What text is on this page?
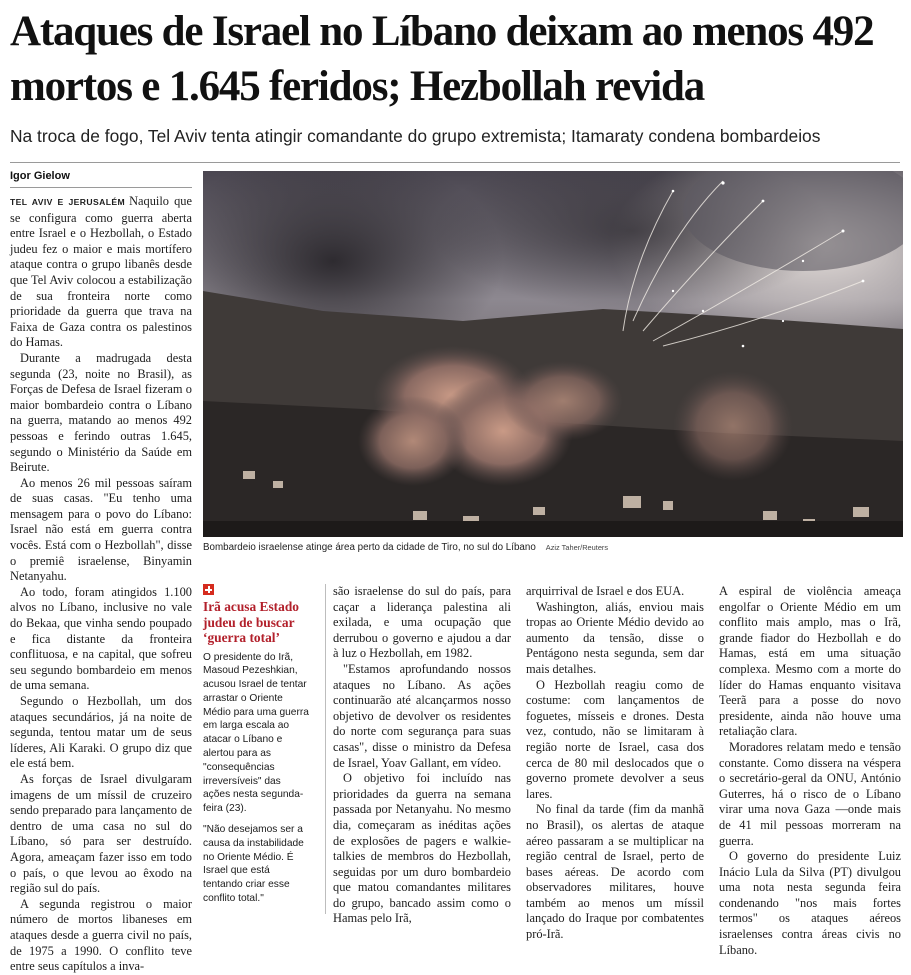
Ataques de Israel no Líbano deixam ao menos 492 mortos e 1.645 feridos; Hezbollah revida

Na troca de fogo, Tel Aviv tenta atingir comandante do grupo extremista; Itamaraty condena bombardeios

Igor Gielow

TEL AVIV E JERUSALÉM Naquilo que se configura como guerra aberta entre Israel e o Hezbollah, o Estado judeu fez o maior e mais mortífero ataque contra o grupo libanês desde que Tel Aviv colocou a estabilização de sua fronteira norte como prioridade da guerra que trava na Faixa de Gaza contra os palestinos do Hamas.

Durante a madrugada desta segunda (23, noite no Brasil), as Forças de Defesa de Israel fizeram o maior bombardeio contra o Líbano na guerra, matando ao menos 492 pessoas e ferindo outras 1.645, segundo o Ministério da Saúde em Beirute.

Ao menos 26 mil pessoas saíram de suas casas. "Eu tenho uma mensagem para o povo do Líbano: Israel não está em guerra contra vocês. Está com o Hezbollah", disse o premiê israelense, Binyamin Netanyahu.

Ao todo, foram atingidos 1.100 alvos no Líbano, inclusive no vale do Bekaa, que vinha sendo poupado e fica distante da fronteira conflituosa, e na capital, que sofreu seu segundo bombardeio em menos de uma semana.

Segundo o Hezbollah, um dos ataques secundários, já na noite de segunda, tentou matar um de seus líderes, Ali Karaki. O grupo diz que ele está bem.

As forças de Israel divulgaram imagens de um míssil de cruzeiro sendo preparado para lançamento de dentro de uma casa no sul do Líbano, só para ser destruído. Agora, ameaçam fazer isso em todo o país, o que levou ao êxodo na região sul do país.

A segunda registrou o maior número de mortos libaneses em ataques desde a guerra civil no país, de 1975 a 1990. O conflito teve entre seus capítulos a inva-

Bombardeio israelense atinge área perto da cidade de Tiro, no sul do Líbano Aziz Taher/Reuters
Irã acusa Estado judeu de buscar ‘guerra total’

O presidente do Irã, Masoud Pezeshkian, acusou Israel de tentar arrastar o Oriente Médio para uma guerra em larga escala ao atacar o Líbano e alertou para as "consequências irreversíveis" das ações nesta segunda-feira (23).

"Não desejamos ser a causa da instabilidade no Oriente Médio. É Israel que está tentando criar esse conflito total."

são israelense do sul do país, para caçar a liderança palestina ali exilada, e uma ocupação que derrubou o governo e ajudou a dar à luz o Hezbollah, em 1982.

"Estamos aprofundando nossos ataques no Líbano. As ações continuarão até alcançarmos nosso objetivo de devolver os residentes do norte com segurança para suas casas", disse o ministro da Defesa de Israel, Yoav Gallant, em vídeo.

O objetivo foi incluído nas prioridades da guerra na semana passada por Netanyahu. No mesmo dia, começaram as inéditas ações de explosões de pagers e walkie-talkies de membros do Hezbollah, seguidas por um duro bombardeio que matou comandantes militares do grupo, bancado assim como o Hamas pelo Irã,

arquirrival de Israel e dos EUA.

Washington, aliás, enviou mais tropas ao Oriente Médio devido ao aumento da tensão, disse o Pentágono nesta segunda, sem dar mais detalhes.

O Hezbollah reagiu como de costume: com lançamentos de foguetes, mísseis e drones. Desta vez, contudo, não se limitaram à região norte de Israel, casa dos cerca de 80 mil deslocados que o governo promete devolver a seus lares.

No final da tarde (fim da manhã no Brasil), os alertas de ataque aéreo passaram a se multiplicar na região central de Israel, perto de bases aéreas. De acordo com observadores militares, houve também ao menos um míssil lançado do Iraque por combatentes pró-Irã.

A espiral de violência ameaça engolfar o Oriente Médio em um conflito mais amplo, mas o Irã, grande fiador do Hezbollah e do Hamas, está em uma situação complexa. Mesmo com a morte do líder do Hamas enquanto visitava Teerã para a posse do novo presidente, ainda não houve uma retaliação clara.

Moradores relatam medo e tensão constante. Como dissera na véspera o secretário-geral da ONU, António Guterres, há o risco de o Líbano virar uma nova Gaza —onde mais de 41 mil pessoas morreram na guerra.

O governo do presidente Luiz Inácio Lula da Silva (PT) divulgou uma nota nesta segunda feira condenando "nos mais fortes termos" os ataques aéreos israelenses contra áreas civis no Líbano.
